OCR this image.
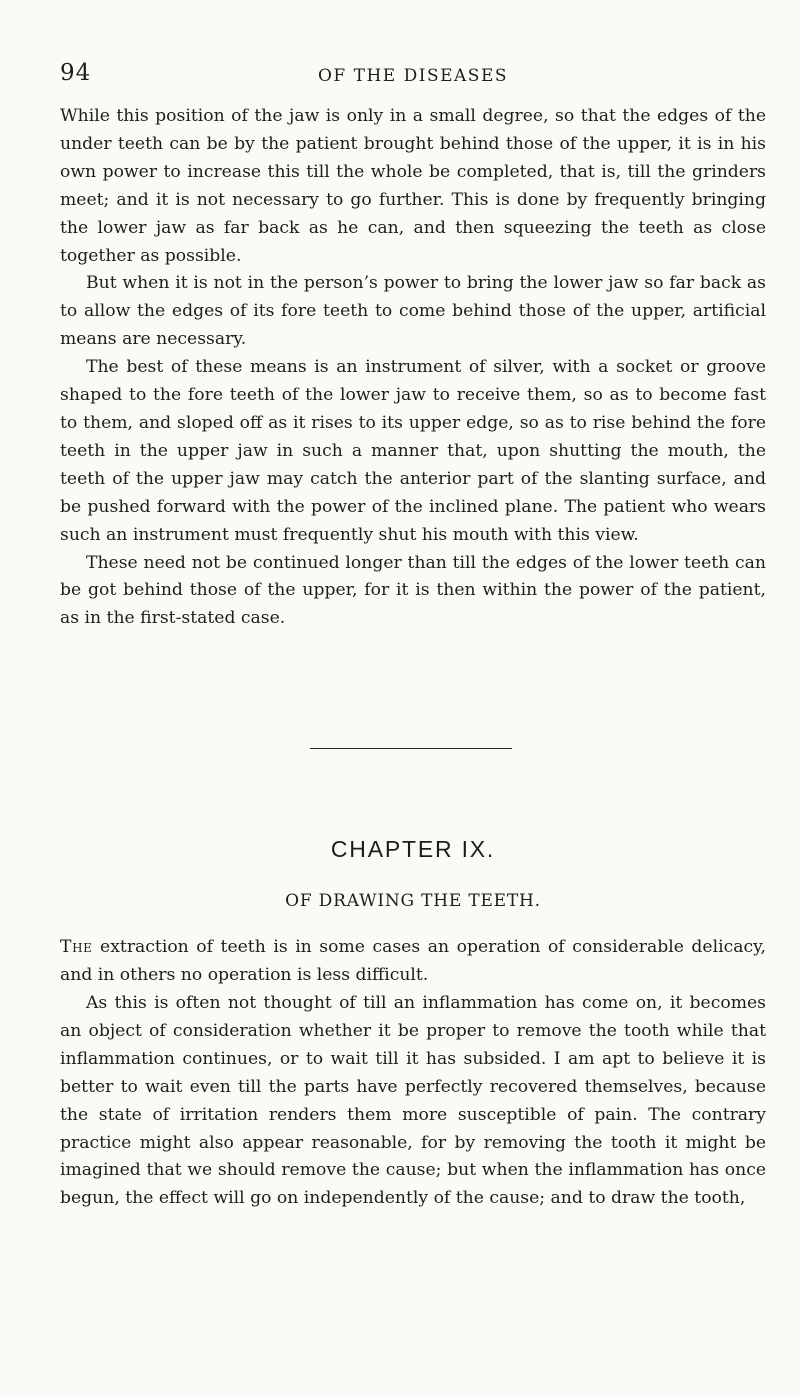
94	OF THE DISEASES

While this position of the jaw is only in a small degree, so that the edges of the under teeth can be by the patient brought behind those of the upper, it is in his own power to increase this till the whole be completed, that is, till the grinders meet; and it is not necessary to go further. This is done by frequently bringing the lower jaw as far back as he can, and then squeezing the teeth as close together as possible.

But when it is not in the person’s power to bring the lower jaw so far back as to allow the edges of its fore teeth to come behind those of the upper, artificial means are necessary.

The best of these means is an instrument of silver, with a socket or groove shaped to the fore teeth of the lower jaw to receive them, so as to become fast to them, and sloped off as it rises to its upper edge, so as to rise behind the fore teeth in the upper jaw in such a manner that, upon shutting the mouth, the teeth of the upper jaw may catch the anterior part of the slanting surface, and be pushed forward with the power of the inclined plane. The patient who wears such an instrument must frequently shut his mouth with this view.

These need not be continued longer than till the edges of the lower teeth can be got behind those of the upper, for it is then within the power of the patient, as in the first-stated case.

CHAPTER IX.
OF DRAWING THE TEETH.

The extraction of teeth is in some cases an operation of considerable delicacy, and in others no operation is less difficult.

As this is often not thought of till an inflammation has come on, it becomes an object of consideration whether it be proper to remove the tooth while that inflammation continues, or to wait till it has subsided. I am apt to believe it is better to wait even till the parts have perfectly recovered themselves, because the state of irritation renders them more susceptible of pain. The contrary practice might also appear reasonable, for by removing the tooth it might be imagined that we should remove the cause; but when the inflammation has once begun, the effect will go on independently of the cause; and to draw the tooth,
